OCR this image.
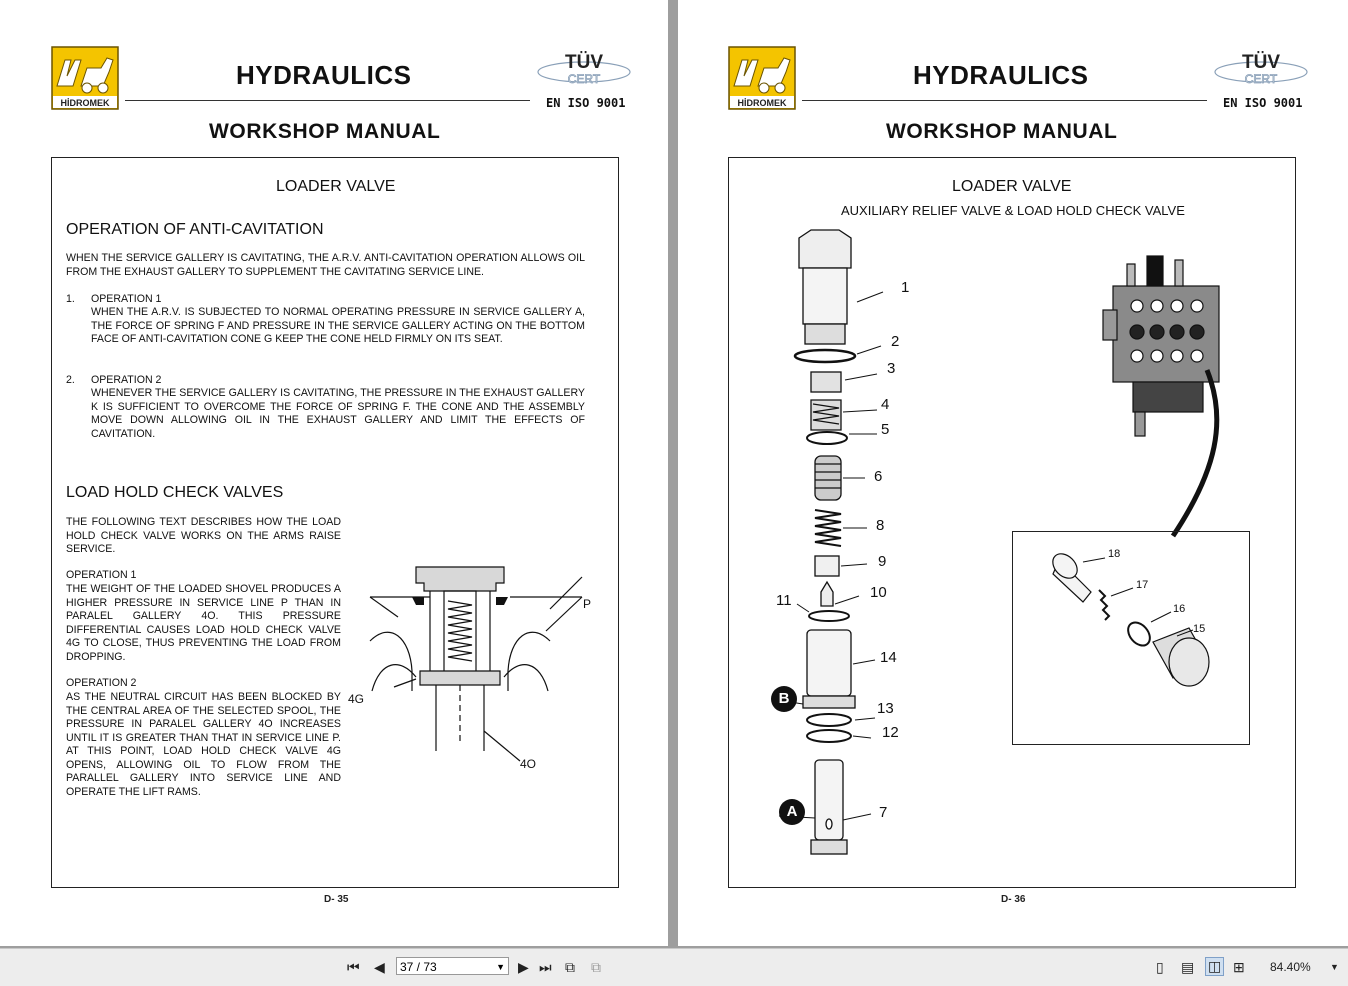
HİDROMEK
HYDRAULICS	TÜV
CERT
EN ISO 9001
WORKSHOP MANUAL
LOADER VALVE
OPERATION OF ANTI-CAVITATION
WHEN THE SERVICE GALLERY IS CAVITATING, THE A.R.V. ANTI-CAVITATION OPERATION ALLOWS OIL FROM THE EXHAUST GALLERY TO SUPPLEMENT THE CAVITATING SERVICE LINE.
1. OPERATION 1
WHEN THE A.R.V. IS SUBJECTED TO NORMAL OPERATING PRESSURE IN SERVICE GALLERY A, THE FORCE OF SPRING F AND PRESSURE IN THE SERVICE GALLERY ACTING ON THE BOTTOM FACE OF ANTI-CAVITATION CONE G KEEP THE CONE HELD FIRMLY ON ITS SEAT.
2. OPERATION 2
WHENEVER THE SERVICE GALLERY IS CAVITATING, THE PRESSURE IN THE EXHAUST GALLERY K IS SUFFICIENT TO OVERCOME THE FORCE OF SPRING F. THE CONE AND THE ASSEMBLY MOVE DOWN ALLOWING OIL IN THE EXHAUST GALLERY AND LIMIT THE EFFECTS OF CAVITATION.
LOAD HOLD CHECK VALVES
THE FOLLOWING TEXT DESCRIBES HOW THE LOAD HOLD CHECK VALVE WORKS ON THE ARMS RAISE SERVICE.
OPERATION 1
THE WEIGHT OF THE LOADED SHOVEL PRODUCES A HIGHER PRESSURE IN SERVICE LINE P THAN IN PARALEL GALLERY 4O. THIS PRESSURE DIFFERENTIAL CAUSES LOAD HOLD CHECK VALVE 4G TO CLOSE, THUS PREVENTING THE LOAD FROM DROPPING.
OPERATION 2
AS THE NEUTRAL CIRCUIT HAS BEEN BLOCKED BY THE CENTRAL AREA OF THE SELECTED SPOOL, THE PRESSURE IN PARALEL GALLERY 4O INCREASES UNTIL IT IS GREATER THAN THAT IN SERVICE LINE P. AT THIS POINT, LOAD HOLD CHECK VALVE 4G OPENS, ALLOWING OIL TO FLOW FROM THE PARALLEL GALLERY INTO SERVICE LINE AND OPERATE THE LIFT RAMS.
P
4G
4O
D- 35
HİDROMEK
HYDRAULICS	TÜV
CERT
EN ISO 9001
WORKSHOP MANUAL
LOADER VALVE
AUXILIARY RELIEF VALVE & LOAD HOLD CHECK VALVE
1
2
3
4
5
6
8
9
10
11
14
13
12
7
B
A
18
17
16
15
D- 36
⏮ ◀	37 / 73	▼ ▶ ⏭ ⧉ ⧉	▯ ▤ ◫ ⊞ 84.40% ▼
